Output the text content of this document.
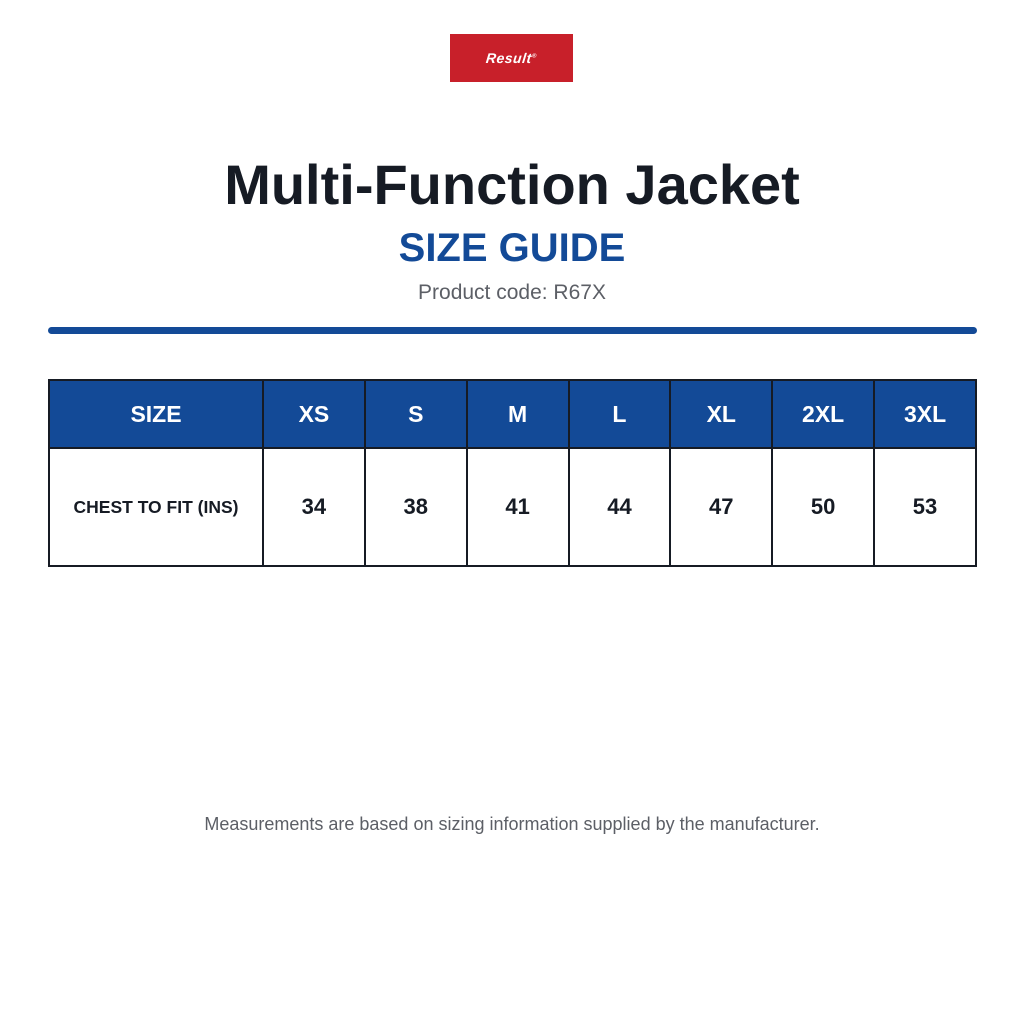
Result®
Multi-Function Jacket
SIZE GUIDE
Product code: R67X
SIZE	XS	S	M	L	XL	2XL	3XL
CHEST TO FIT (INS)	34	38	41	44	47	50	53
Measurements are based on sizing information supplied by the manufacturer.
